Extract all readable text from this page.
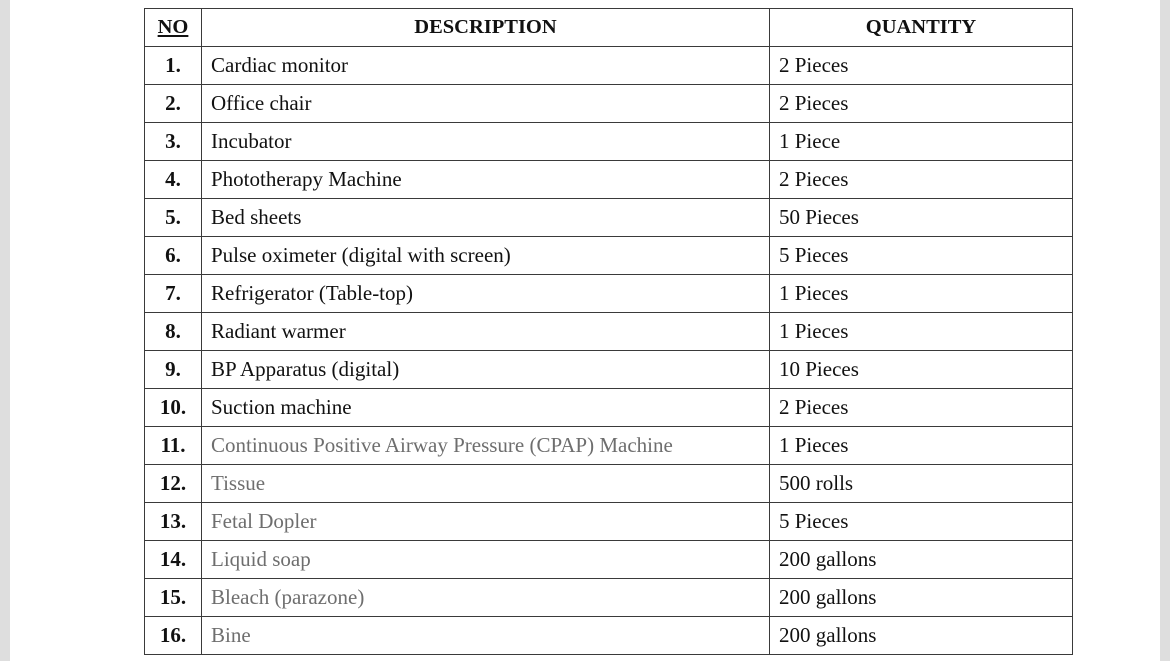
NO	DESCRIPTION	QUANTITY
1.	Cardiac monitor	2 Pieces
2.	Office chair	2 Pieces
3.	Incubator	1 Piece
4.	Phototherapy Machine	2 Pieces
5.	Bed sheets	50 Pieces
6.	Pulse oximeter (digital with screen)	5 Pieces
7.	Refrigerator (Table-top)	1 Pieces
8.	Radiant warmer	1 Pieces
9.	BP Apparatus (digital)	10 Pieces
10.	Suction machine	2 Pieces
11.	Continuous Positive Airway Pressure (CPAP) Machine	1 Pieces
12.	Tissue	500 rolls
13.	Fetal Dopler	5 Pieces
14.	Liquid soap	200 gallons
15.	Bleach (parazone)	200 gallons
16.	Bine	200 gallons
